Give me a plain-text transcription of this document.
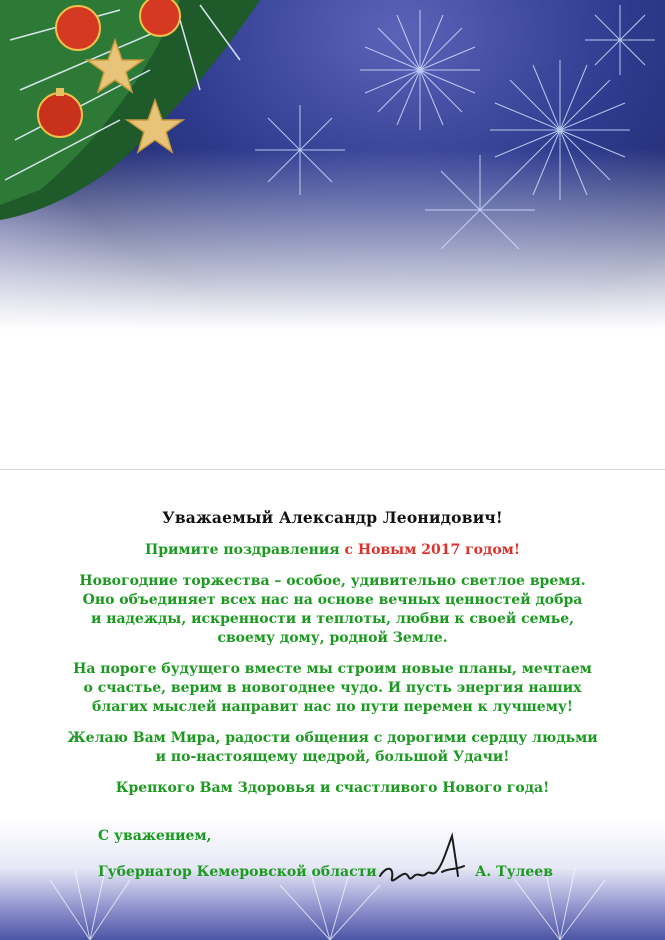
Уважаемый Александр Леонидович!

Примите поздравления с Новым 2017 годом!

Новогодние торжества – особое, удивительно светлое время.
Оно объединяет всех нас на основе вечных ценностей добра
и надежды, искренности и теплоты, любви к своей семье,
своему дому, родной Земле.

На пороге будущего вместе мы строим новые планы, мечтаем
о счастье, верим в новогоднее чудо. И пусть энергия наших
благих мыслей направит нас по пути перемен к лучшему!

Желаю Вам Мира, радости общения с дорогими сердцу людьми
и по-настоящему щедрой, большой Удачи!

Крепкого Вам Здоровья и счастливого Нового года!

С уважением,
Губернатор Кемеровской области	А. Тулеев
